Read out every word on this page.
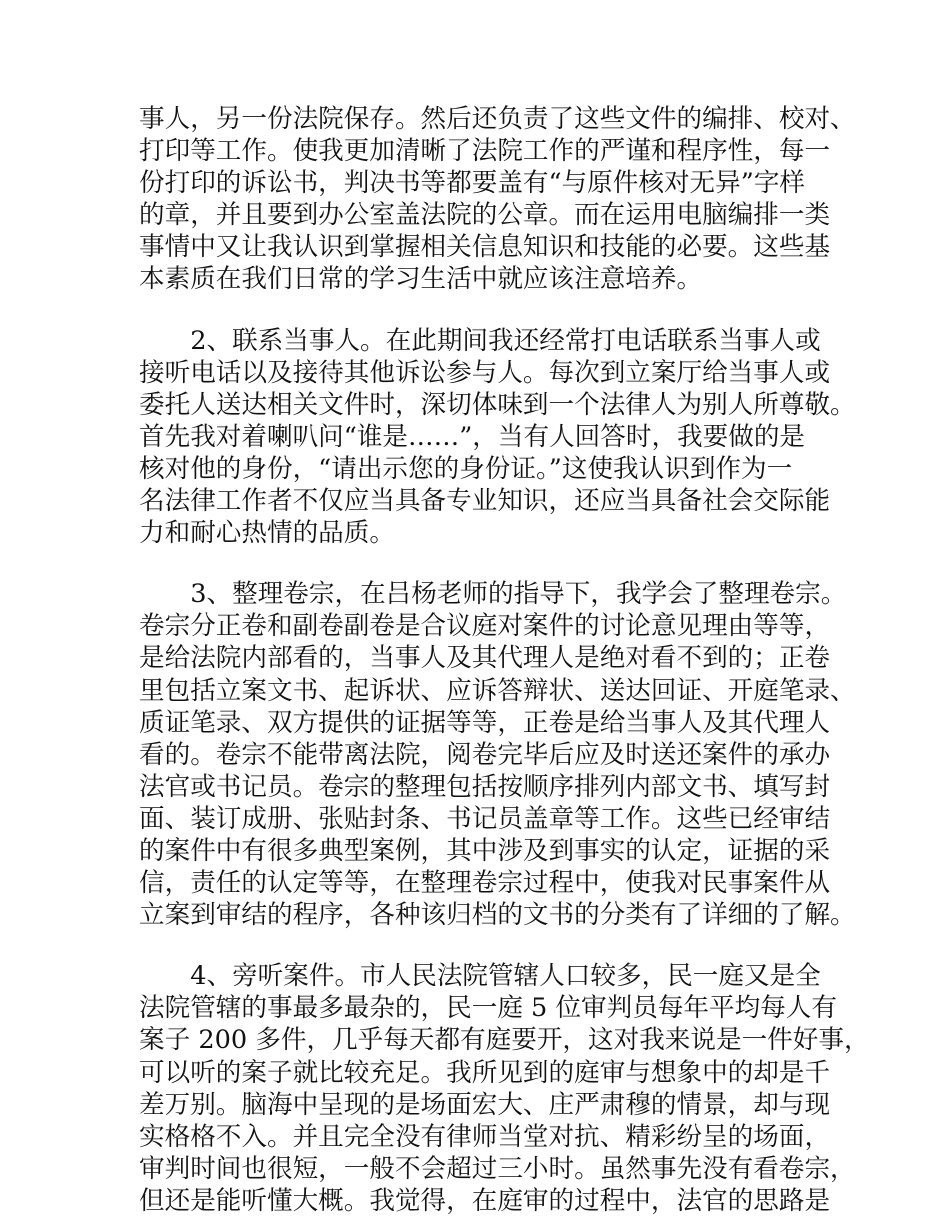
事人，另一份法院保存。然后还负责了这些文件的编排、校对、
打印等工作。使我更加清晰了法院工作的严谨和程序性，每一
份打印的诉讼书，判决书等都要盖有“与原件核对无异”字样
的章，并且要到办公室盖法院的公章。而在运用电脑编排一类
事情中又让我认识到掌握相关信息知识和技能的必要。这些基
本素质在我们日常的学习生活中就应该注意培养。
　　2、联系当事人。在此期间我还经常打电话联系当事人或
接听电话以及接待其他诉讼参与人。每次到立案厅给当事人或
委托人送达相关文件时，深切体味到一个法律人为别人所尊敬。
首先我对着喇叭问“谁是……”，当有人回答时，我要做的是
核对他的身份，“请出示您的身份证。”这使我认识到作为一
名法律工作者不仅应当具备专业知识，还应当具备社会交际能
力和耐心热情的品质。
　　3、整理卷宗，在吕杨老师的指导下，我学会了整理卷宗。
卷宗分正卷和副卷副卷是合议庭对案件的讨论意见理由等等，
是给法院内部看的，当事人及其代理人是绝对看不到的；正卷
里包括立案文书、起诉状、应诉答辩状、送达回证、开庭笔录、
质证笔录、双方提供的证据等等，正卷是给当事人及其代理人
看的。卷宗不能带离法院，阅卷完毕后应及时送还案件的承办
法官或书记员。卷宗的整理包括按顺序排列内部文书、填写封
面、装订成册、张贴封条、书记员盖章等工作。这些已经审结
的案件中有很多典型案例，其中涉及到事实的认定，证据的采
信，责任的认定等等，在整理卷宗过程中，使我对民事案件从
立案到审结的程序，各种该归档的文书的分类有了详细的了解。
　　4、旁听案件。市人民法院管辖人口较多，民一庭又是全
法院管辖的事最多最杂的，民一庭 5 位审判员每年平均每人有
案子 200 多件，几乎每天都有庭要开，这对我来说是一件好事，
可以听的案子就比较充足。我所见到的庭审与想象中的却是千
差万别。脑海中呈现的是场面宏大、庄严肃穆的情景，却与现
实格格不入。并且完全没有律师当堂对抗、精彩纷呈的场面，
审判时间也很短，一般不会超过三小时。虽然事先没有看卷宗，
但还是能听懂大概。我觉得，在庭审的过程中，法官的思路是
